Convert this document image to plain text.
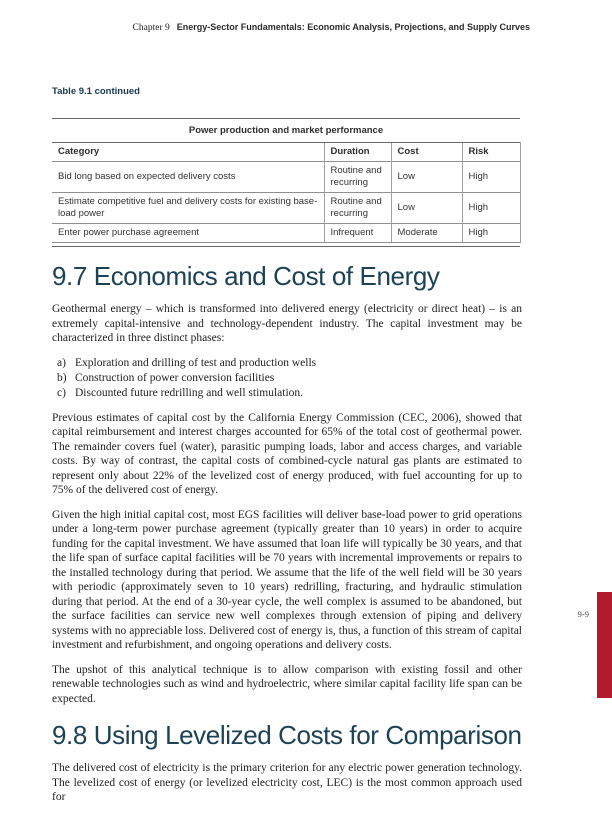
Chapter 9 Energy-Sector Fundamentals: Economic Analysis, Projections, and Supply Curves
Table 9.1 continued
Power production and market performance
Category	Duration	Cost	Risk
Bid long based on expected delivery costs	Routine and recurring	Low	High
Estimate competitive fuel and delivery costs for existing base-load power	Routine and recurring	Low	High
Enter power purchase agreement	Infrequent	Moderate	High
9.7 Economics and Cost of Energy

Geothermal energy – which is transformed into delivered energy (electricity or direct heat) – is an extremely capital-intensive and technology-dependent industry. The capital investment may be characterized in three distinct phases:

a) Exploration and drilling of test and production wells
b) Construction of power conversion facilities
c) Discounted future redrilling and well stimulation.

Previous estimates of capital cost by the California Energy Commission (CEC, 2006), showed that capital reimbursement and interest charges accounted for 65% of the total cost of geothermal power. The remainder covers fuel (water), parasitic pumping loads, labor and access charges, and variable costs. By way of contrast, the capital costs of combined-cycle natural gas plants are estimated to represent only about 22% of the levelized cost of energy produced, with fuel accounting for up to 75% of the delivered cost of energy.

Given the high initial capital cost, most EGS facilities will deliver base-load power to grid operations under a long-term power purchase agreement (typically greater than 10 years) in order to acquire funding for the capital investment. We have assumed that loan life will typically be 30 years, and that the life span of surface capital facilities will be 70 years with incremental improvements or repairs to the installed technology during that period. We assume that the life of the well field will be 30 years with periodic (approximately seven to 10 years) redrilling, fracturing, and hydraulic stimulation during that period. At the end of a 30-year cycle, the well complex is assumed to be abandoned, but the surface facilities can service new well complexes through extension of piping and delivery systems with no appreciable loss. Delivered cost of energy is, thus, a function of this stream of capital investment and refurbishment, and ongoing operations and delivery costs.

The upshot of this analytical technique is to allow comparison with existing fossil and other renewable technologies such as wind and hydroelectric, where similar capital facility life span can be expected.

9.8 Using Levelized Costs for Comparison

The delivered cost of electricity is the primary criterion for any electric power generation technology. The levelized cost of energy (or levelized electricity cost, LEC) is the most common approach used for

9-9
